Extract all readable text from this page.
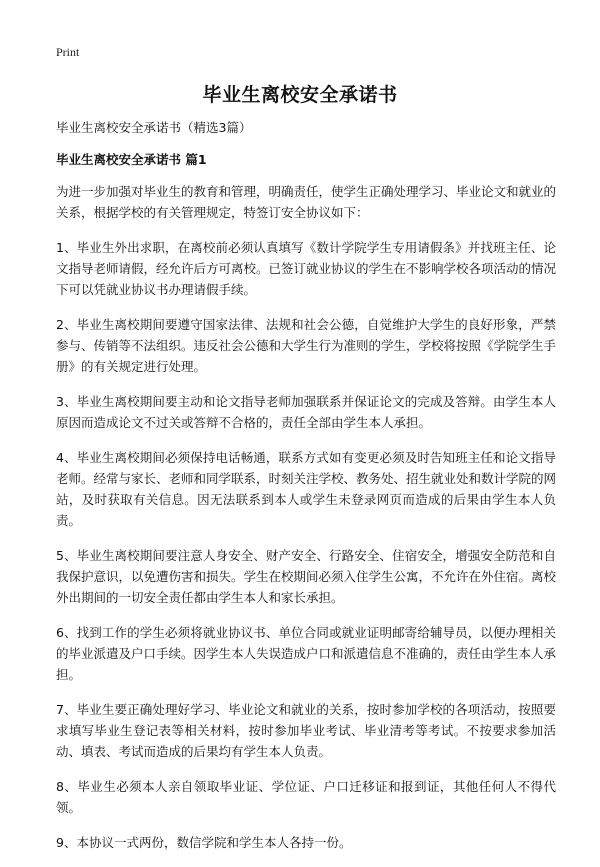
Print
毕业生离校安全承诺书

毕业生离校安全承诺书（精选3篇）

毕业生离校安全承诺书 篇1

为进一步加强对毕业生的教育和管理，明确责任，使学生正确处理学习、毕业论文和就业的关系，根据学校的有关管理规定，特签订安全协议如下：

1、毕业生外出求职，在离校前必须认真填写《数计学院学生专用请假条》并找班主任、论文指导老师请假，经允许后方可离校。已签订就业协议的学生在不影响学校各项活动的情况下可以凭就业协议书办理请假手续。

2、毕业生离校期间要遵守国家法律、法规和社会公德，自觉维护大学生的良好形象，严禁参与、传销等不法组织。违反社会公德和大学生行为准则的学生，学校将按照《学院学生手册》的有关规定进行处理。

3、毕业生离校期间要主动和论文指导老师加强联系并保证论文的完成及答辩。由学生本人原因而造成论文不过关或答辩不合格的，责任全部由学生本人承担。

4、毕业生离校期间必须保持电话畅通，联系方式如有变更必须及时告知班主任和论文指导老师。经常与家长、老师和同学联系，时刻关注学校、教务处、招生就业处和数计学院的网站，及时获取有关信息。因无法联系到本人或学生未登录网页而造成的后果由学生本人负责。

5、毕业生离校期间要注意人身安全、财产安全、行路安全、住宿安全，增强安全防范和自我保护意识，以免遭伤害和损失。学生在校期间必须入住学生公寓，不允许在外住宿。离校外出期间的一切安全责任都由学生本人和家长承担。

6、找到工作的学生必须将就业协议书、单位合同或就业证明邮寄给辅导员，以便办理相关的毕业派遣及户口手续。因学生本人失误造成户口和派遣信息不准确的，责任由学生本人承担。

7、毕业生要正确处理好学习、毕业论文和就业的关系，按时参加学校的各项活动，按照要求填写毕业生登记表等相关材料，按时参加毕业考试、毕业清考等考试。不按要求参加活动、填表、考试而造成的后果均有学生本人负责。

8、毕业生必须本人亲自领取毕业证、学位证、户口迁移证和报到证，其他任何人不得代领。

9、本协议一式两份，数信学院和学生本人各持一份。
